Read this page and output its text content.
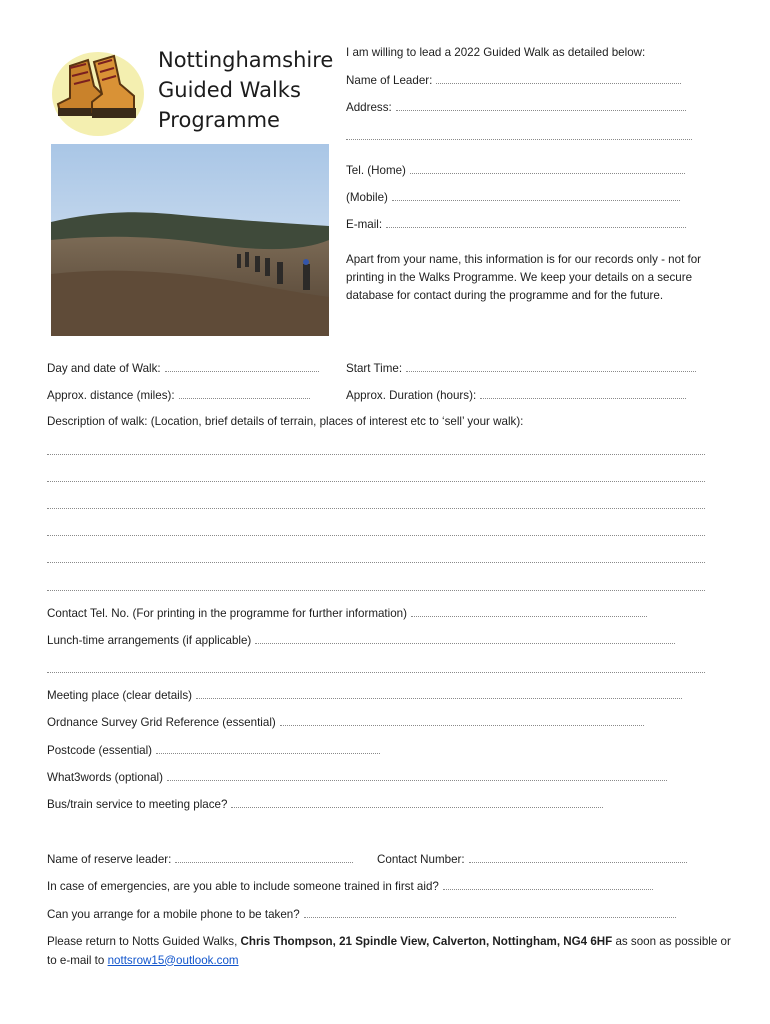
Nottinghamshire
Guided Walks
Programme
I am willing to lead a 2022 Guided Walk as detailed below:
Name of Leader:
Address:
Tel. (Home)
(Mobile)
E-mail:
Apart from your name, this information is for our records only - not for printing in the Walks Programme. We keep your details on a secure database for contact during the programme and for the future.
Day and date of Walk:	Start Time:
Approx. distance (miles):	Approx. Duration (hours):
Description of walk: (Location, brief details of terrain, places of interest etc to ‘sell’ your walk):
Contact Tel. No. (For printing in the programme for further information)
Lunch-time arrangements (if applicable)
Meeting place (clear details)
Ordnance Survey Grid Reference (essential)
Postcode (essential)
What3words (optional)
Bus/train service to meeting place?
Name of reserve leader:	Contact Number:
In case of emergencies, are you able to include someone trained in first aid?
Can you arrange for a mobile phone to be taken?
Please return to Notts Guided Walks, Chris Thompson, 21 Spindle View, Calverton, Nottingham, NG4 6HF as soon as possible or to e-mail to nottsrow15@outlook.com
